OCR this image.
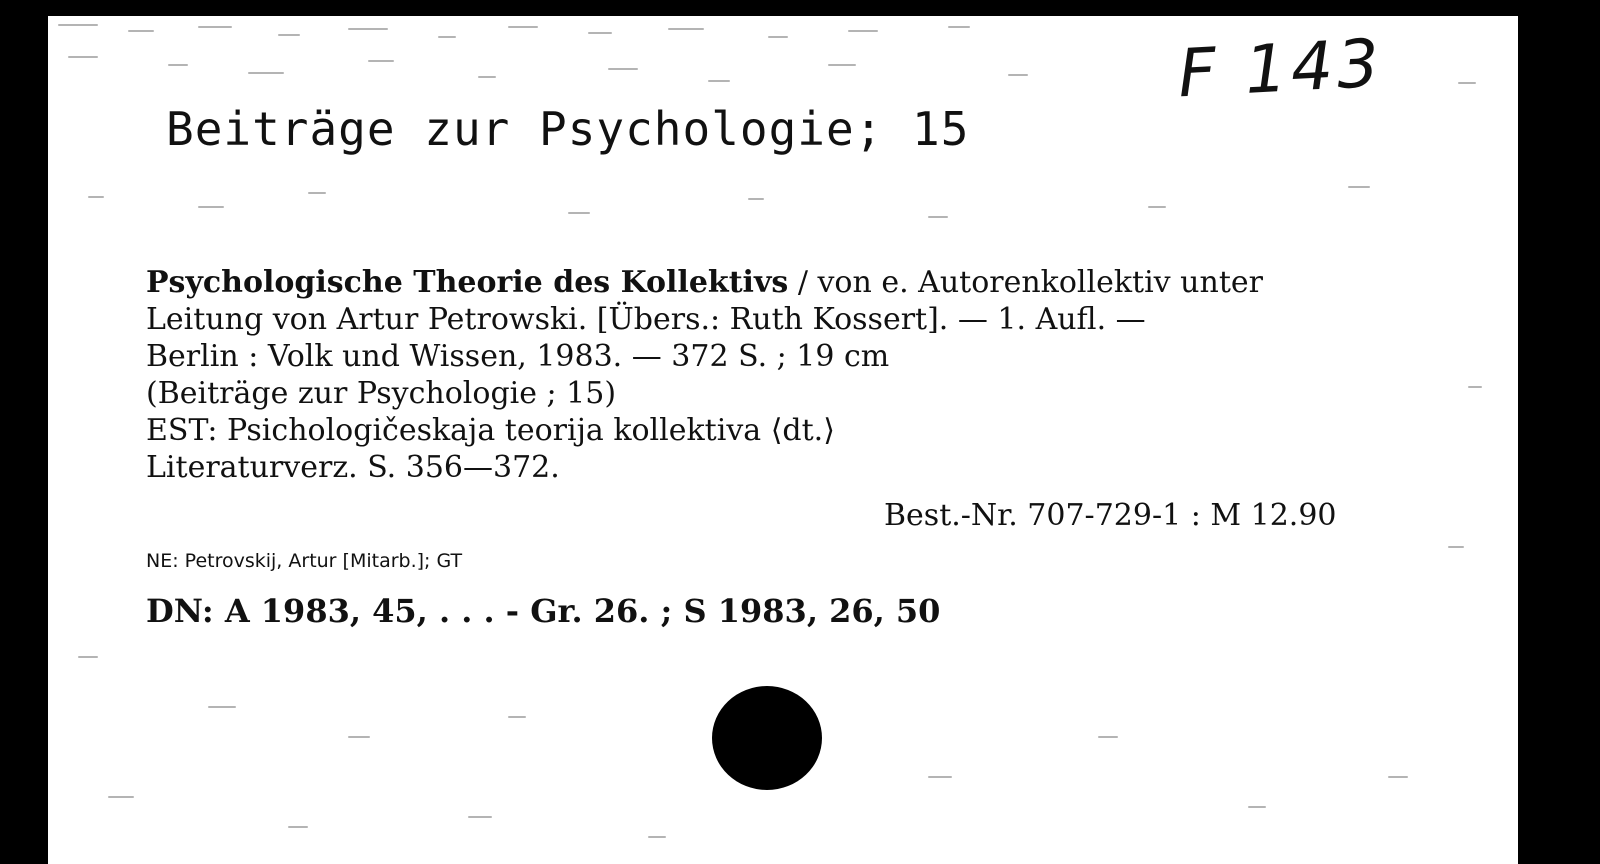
F 143
Beiträge zur Psychologie; 15
Psychologische Theorie des Kollektivs / von e. Autorenkollektiv unter
Leitung von Artur Petrowski. [Übers.: Ruth Kossert]. — 1. Aufl. —
Berlin : Volk und Wissen, 1983. — 372 S. ; 19 cm
(Beiträge zur Psychologie ; 15)
EST: Psichologičeskaja teorija kollektiva ⟨dt.⟩
Literaturverz. S. 356—372.
Best.-Nr. 707-729-1 : M 12.90
NE: Petrovskij, Artur [Mitarb.]; GT
DN: A 1983, 45, . . . - Gr. 26. ; S 1983, 26, 50
